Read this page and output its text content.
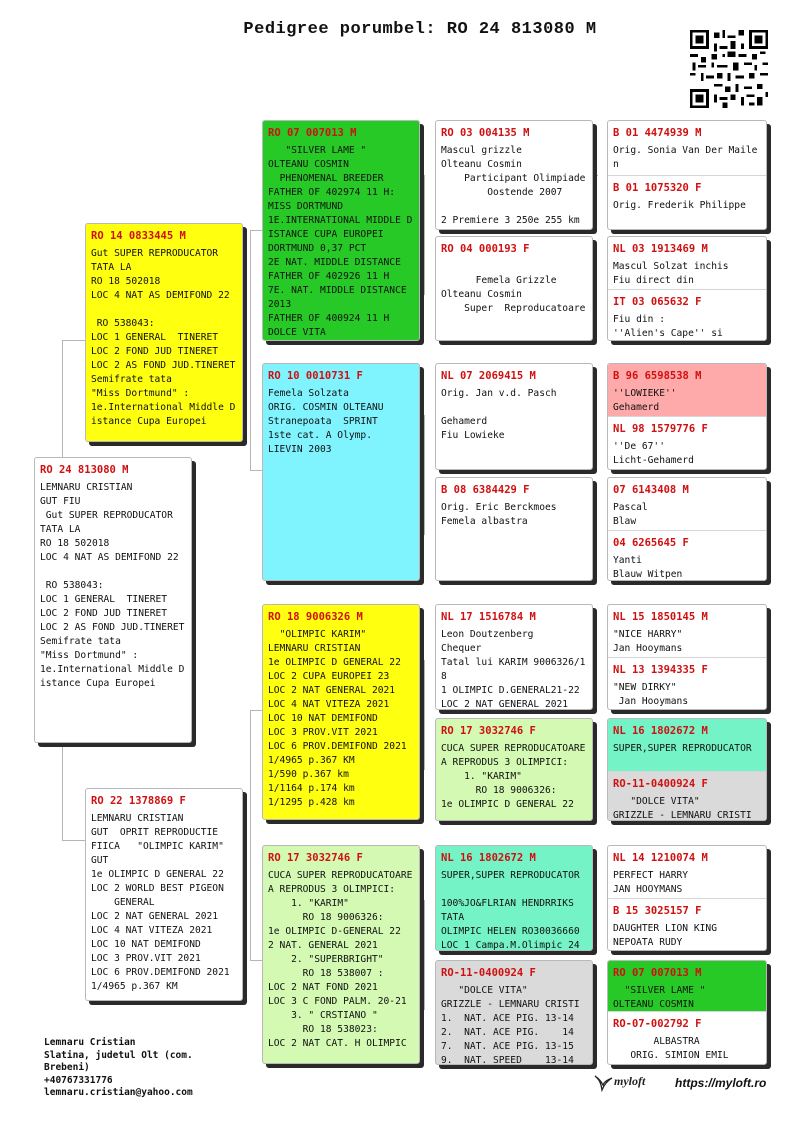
Pedigree porumbel: RO 24 813080 M
RO 24 813080 M
LEMNARU CRISTIAN
GUT FIU
Gut SUPER REPRODUCATOR
TATA LA
RO 18 502018
LOC 4 NAT AS DEMIFOND 22

RO 538043:
LOC 1 GENERAL  TINERET
LOC 2 FOND JUD TINERET
LOC 2 AS FOND JUD.TINERET
Semifrate tata
"Miss Dortmund" :
1e.International Middle Distance Cupa Europei
RO 14 0833445 M
Gut SUPER REPRODUCATOR
TATA LA
RO 18 502018
LOC 4 NAT AS DEMIFOND 22

RO 538043:
LOC 1 GENERAL  TINERET
LOC 2 FOND JUD TINERET
LOC 2 AS FOND JUD.TINERET
Semifrate tata
"Miss Dortmund" :
1e.International Middle Distance Cupa Europei
RO 22 1378869 F
LEMNARU CRISTIAN
GUT  OPRIT REPRODUCTIE
FIICA   "OLIMPIC KARIM"
GUT
1e OLIMPIC D GENERAL 22
LOC 2 WORLD BEST PIGEON
GENERAL
LOC 2 NAT GENERAL 2021
LOC 4 NAT VITEZA 2021
LOC 10 NAT DEMIFOND
LOC 3 PROV.VIT 2021
LOC 6 PROV.DEMIFOND 2021
1/4965 p.367 KM
RO 07 007013 M
"SILVER LAME "
OLTEANU COSMIN
PHENOMENAL BREEDER
FATHER OF 402974 11 H:
MISS DORTMUND
1E.INTERNATIONAL MIDDLE DISTANCE CUPA EUROPEI
DORTMUND 0,37 PCT
2E NAT. MIDDLE DISTANCE
FATHER OF 402926 11 H
7E. NAT. MIDDLE DISTANCE 2013
FATHER OF 400924 11 H
DOLCE VITA
RO 10 0010731 F
Femela Solzata
ORIG. COSMIN OLTEANU
Stranepoata  SPRINT
1ste cat. A Olymp.
LIEVIN 2003
RO 18 9006326 M
"OLIMPIC KARIM"
LEMNARU CRISTIAN
1e OLIMPIC D GENERAL 22
LOC 2 CUPA EUROPEI 23
LOC 2 NAT GENERAL 2021
LOC 4 NAT VITEZA 2021
LOC 10 NAT DEMIFOND
LOC 3 PROV.VIT 2021
LOC 6 PROV.DEMIFOND 2021
1/4965 p.367 KM
1/590 p.367 km
1/1164 p.174 km
1/1295 p.428 km
RO 17 3032746 F
CUCA SUPER REPRODUCATOARE
A REPRODUS 3 OLIMPICI:
1. "KARIM"
RO 18 9006326:
1e OLIMPIC D-GENERAL 22
2 NAT. GENERAL 2021
2. "SUPERBRIGHT"
RO 18 538007 :
LOC 2 NAT FOND 2021
LOC 3 C FOND PALM. 20-21
3. " CRSTIANO "
RO 18 538023:
LOC 2 NAT CAT. H OLIMPIC
RO 03 004135 M
Mascul grizzle
Olteanu Cosmin
Participant Olimpiade
Oostende 2007

2 Premiere 3 250e 255 km
RO 04 000193 F

Femela Grizzle
Olteanu Cosmin
Super  Reproducatoare
NL 07 2069415 M
Orig. Jan v.d. Pasch

Gehamerd
Fiu Lowieke
B 08 6384429 F
Orig. Eric Berckmoes
Femela albastra
NL 17 1516784 M
Leon Doutzenberg
Chequer
Tatal lui KARIM 9006326/18
1 OLIMPIC D.GENERAL21-22
LOC 2 NAT GENERAL 2021
RO 17 3032746 F
CUCA SUPER REPRODUCATOARE
A REPRODUS 3 OLIMPICI:
1. "KARIM"
RO 18 9006326:
1e OLIMPIC D GENERAL 22
NL 16 1802672 M
SUPER,SUPER REPRODUCATOR

100%JO&FLRIAN HENDRRIKS
TATA
OLIMPIC HELEN RO30036660
LOC 1 Campa.M.Olimpic 24
RO-11-0400924 F
"DOLCE VITA"
GRIZZLE - LEMNARU CRISTI
1.  NAT. ACE PIG. 13-14
2.  NAT. ACE PIG.    14
7.  NAT. ACE PIG. 13-15
9.  NAT. SPEED    13-14
B 01 4474939 M
Orig. Sonia Van Der Mailen
B 01 1075320 F
Orig. Frederik Philippe
NL 03 1913469 M
Mascul Solzat inchis
Fiu direct din
IT 03 065632 F
Fiu din :
''Alien's Cape'' si
B 96 6598538 M
''LOWIEKE''
Gehamerd
NL 98 1579776 F
''De 67''
Licht-Gehamerd
07 6143408 M
Pascal
Blaw
04 6265645 F
Yanti
Blauw Witpen
NL 15 1850145 M
"NICE HARRY"
Jan Hooymans
NL 13 1394335 F
"NEW DIRKY"
Jan Hooymans
NL 16 1802672 M
SUPER,SUPER REPRODUCATOR
RO-11-0400924 F
"DOLCE VITA"
GRIZZLE - LEMNARU CRISTI
NL 14 1210074 M
PERFECT HARRY
JAN HOOYMANS
B 15 3025157 F
DAUGHTER LION KING
NEPOATA RUDY
RO 07 007013 M
"SILVER LAME "
OLTEANU COSMIN
RO-07-002792 F
ALBASTRA
ORIG. SIMION EMIL
Lemnaru Cristian
Slatina, judetul Olt (com.
Brebeni)
+40767331776
lemnaru.cristian@yahoo.com
myloft https://myloft.ro
